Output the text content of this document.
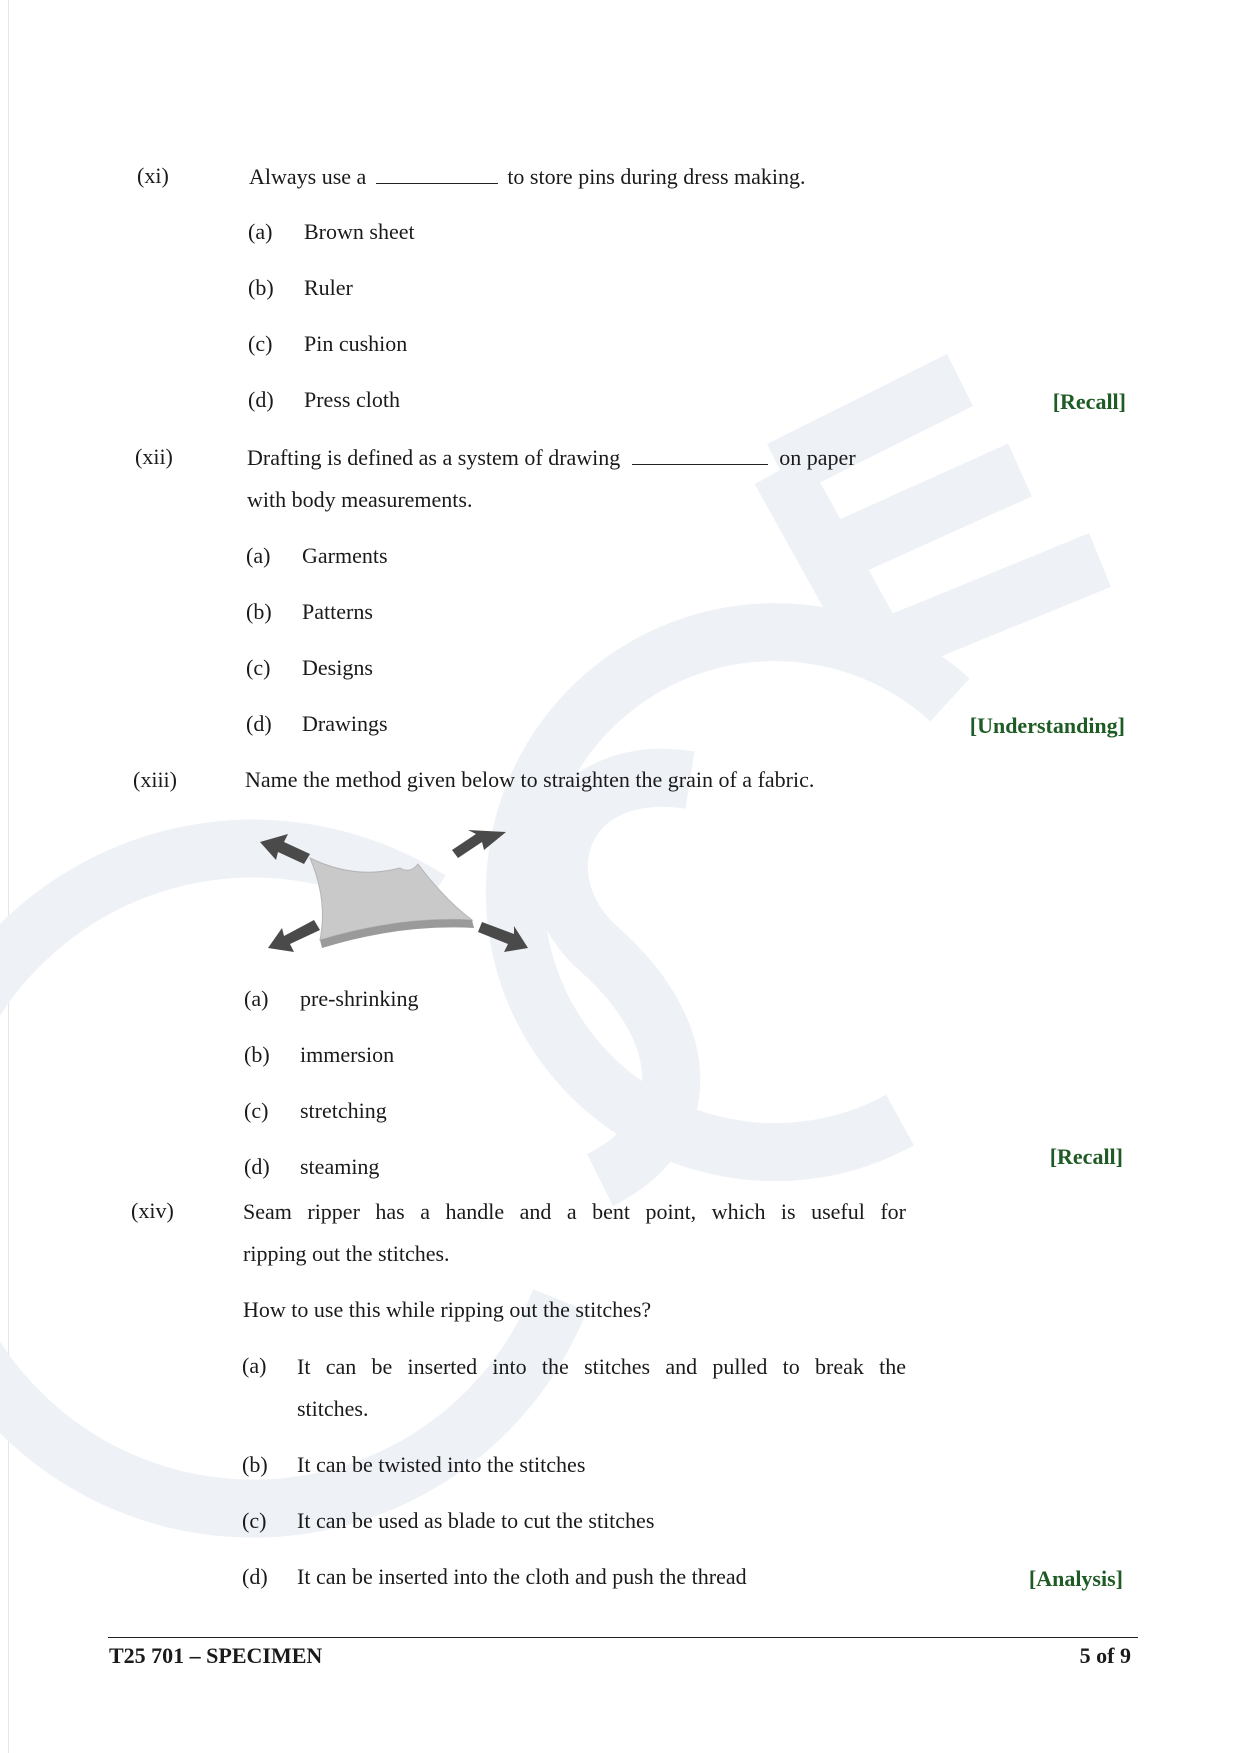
(xi)	Always use a	to store pins during dress making.
(a) Brown sheet
(b) Ruler
(c) Pin cushion
(d) Press cloth	[Recall]
(xii)	Drafting is defined as a system of drawing	on paper
with body measurements.
(a) Garments
(b) Patterns
(c) Designs
(d) Drawings	[Understanding]
(xiii)	Name the method given below to straighten the grain of a fabric.
(a) pre-shrinking
(b) immersion
(c) stretching
(d) steaming	[Recall]
(xiv)	Seam ripper has a handle and a bent point, which is useful for
ripping out the stitches.
How to use this while ripping out the stitches?
(a) It can be inserted into the stitches and pulled to break the
stitches.
(b) It can be twisted into the stitches
(c) It can be used as blade to cut the stitches
(d) It can be inserted into the cloth and push the thread	[Analysis]
T25 701 – SPECIMEN	5 of 9
